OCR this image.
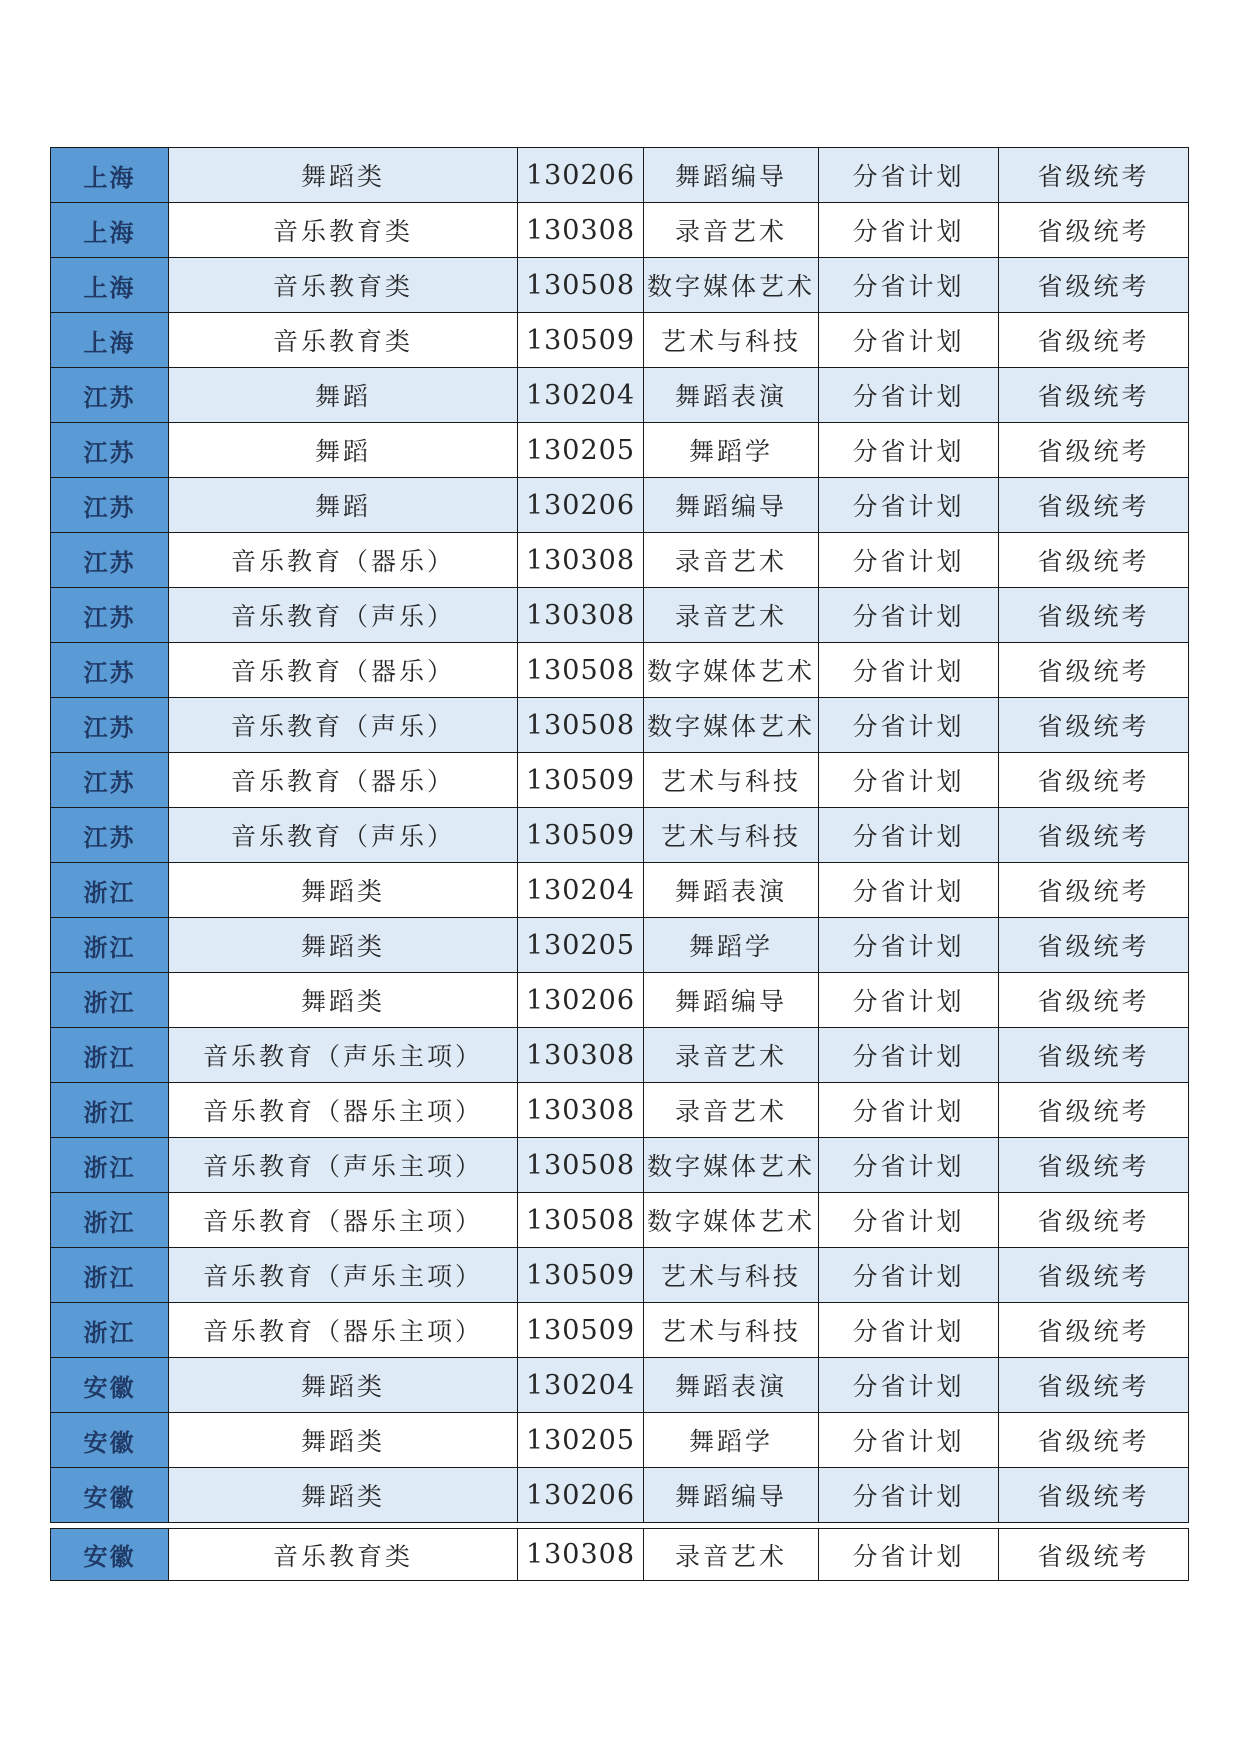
上海	舞蹈类	130206	舞蹈编导	分省计划	省级统考
上海	音乐教育类	130308	录音艺术	分省计划	省级统考
上海	音乐教育类	130508	数字媒体艺术	分省计划	省级统考
上海	音乐教育类	130509	艺术与科技	分省计划	省级统考
江苏	舞蹈	130204	舞蹈表演	分省计划	省级统考
江苏	舞蹈	130205	舞蹈学	分省计划	省级统考
江苏	舞蹈	130206	舞蹈编导	分省计划	省级统考
江苏	音乐教育（器乐）	130308	录音艺术	分省计划	省级统考
江苏	音乐教育（声乐）	130308	录音艺术	分省计划	省级统考
江苏	音乐教育（器乐）	130508	数字媒体艺术	分省计划	省级统考
江苏	音乐教育（声乐）	130508	数字媒体艺术	分省计划	省级统考
江苏	音乐教育（器乐）	130509	艺术与科技	分省计划	省级统考
江苏	音乐教育（声乐）	130509	艺术与科技	分省计划	省级统考
浙江	舞蹈类	130204	舞蹈表演	分省计划	省级统考
浙江	舞蹈类	130205	舞蹈学	分省计划	省级统考
浙江	舞蹈类	130206	舞蹈编导	分省计划	省级统考
浙江	音乐教育（声乐主项）	130308	录音艺术	分省计划	省级统考
浙江	音乐教育（器乐主项）	130308	录音艺术	分省计划	省级统考
浙江	音乐教育（声乐主项）	130508	数字媒体艺术	分省计划	省级统考
浙江	音乐教育（器乐主项）	130508	数字媒体艺术	分省计划	省级统考
浙江	音乐教育（声乐主项）	130509	艺术与科技	分省计划	省级统考
浙江	音乐教育（器乐主项）	130509	艺术与科技	分省计划	省级统考
安徽	舞蹈类	130204	舞蹈表演	分省计划	省级统考
安徽	舞蹈类	130205	舞蹈学	分省计划	省级统考
安徽	舞蹈类	130206	舞蹈编导	分省计划	省级统考
安徽	音乐教育类	130308	录音艺术	分省计划	省级统考
